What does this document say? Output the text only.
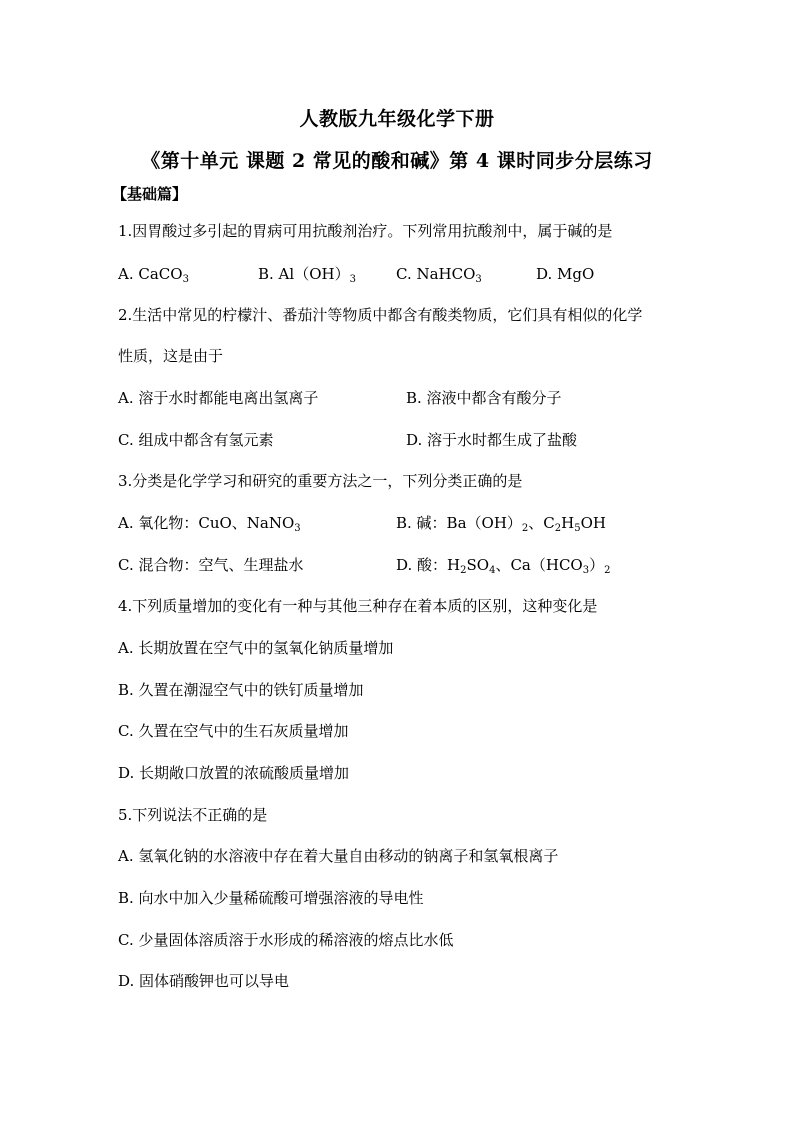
人教版九年级化学下册
《第十单元 课题 2 常见的酸和碱》第 4 课时同步分层练习
【基础篇】
1.因胃酸过多引起的胃病可用抗酸剂治疗。下列常用抗酸剂中，属于碱的是
A. CaCO$_3$	B. $Al(OH)_3$	C. NaHCO$_3$	D. MgO
2.生活中常见的柠檬汁、番茄汁等物质中都含有酸类物质，它们具有相似的化学
性质，这是由于
A. 溶于水时都能电离出氢离子	B. 溶液中都含有酸分子
C. 组成中都含有氢元素	D. 溶于水时都生成了盐酸
3.分类是化学学习和研究的重要方法之一，下列分类正确的是
A. 氧化物：CuO、NaNO$_3$	B. 碱：$Ba(OH)_2$、$C_2H_5OH$
C. 混合物：空气、生理盐水	D. 酸：$H_2SO_4$、$Ca(HCO_3)_2$
4.下列质量增加的变化有一种与其他三种存在着本质的区别，这种变化是
A. 长期放置在空气中的氢氧化钠质量增加
B. 久置在潮湿空气中的铁钉质量增加
C. 久置在空气中的生石灰质量增加
D. 长期敞口放置的浓硫酸质量增加
5.下列说法不正确的是
A. 氢氧化钠的水溶液中存在着大量自由移动的钠离子和氢氧根离子
B. 向水中加入少量稀硫酸可增强溶液的导电性
C. 少量固体溶质溶于水形成的稀溶液的熔点比水低
D. 固体硝酸钾也可以导电
